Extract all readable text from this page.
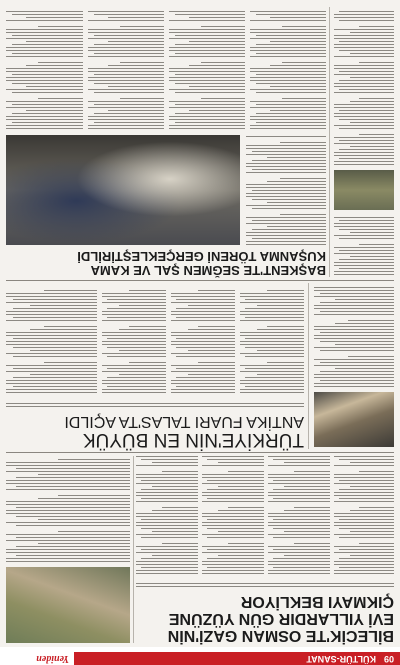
09
KÜLTÜR-SANAT
Yeniden
BİLECİK'TE OSMAN GAZİ'NİN
EVİ YILLARDIR GÜN YÜZÜNE
ÇIKMAYI BEKLİYOR
TÜRKİYE'NİN EN BÜYÜK
ANTİKA FUARI TALAS'TA AÇILDI
BAŞKENT'TE SEĞMEN ŞAL VE KAMA
KUŞANMA TÖRENİ GERÇEKLEŞTİRİLDİ
